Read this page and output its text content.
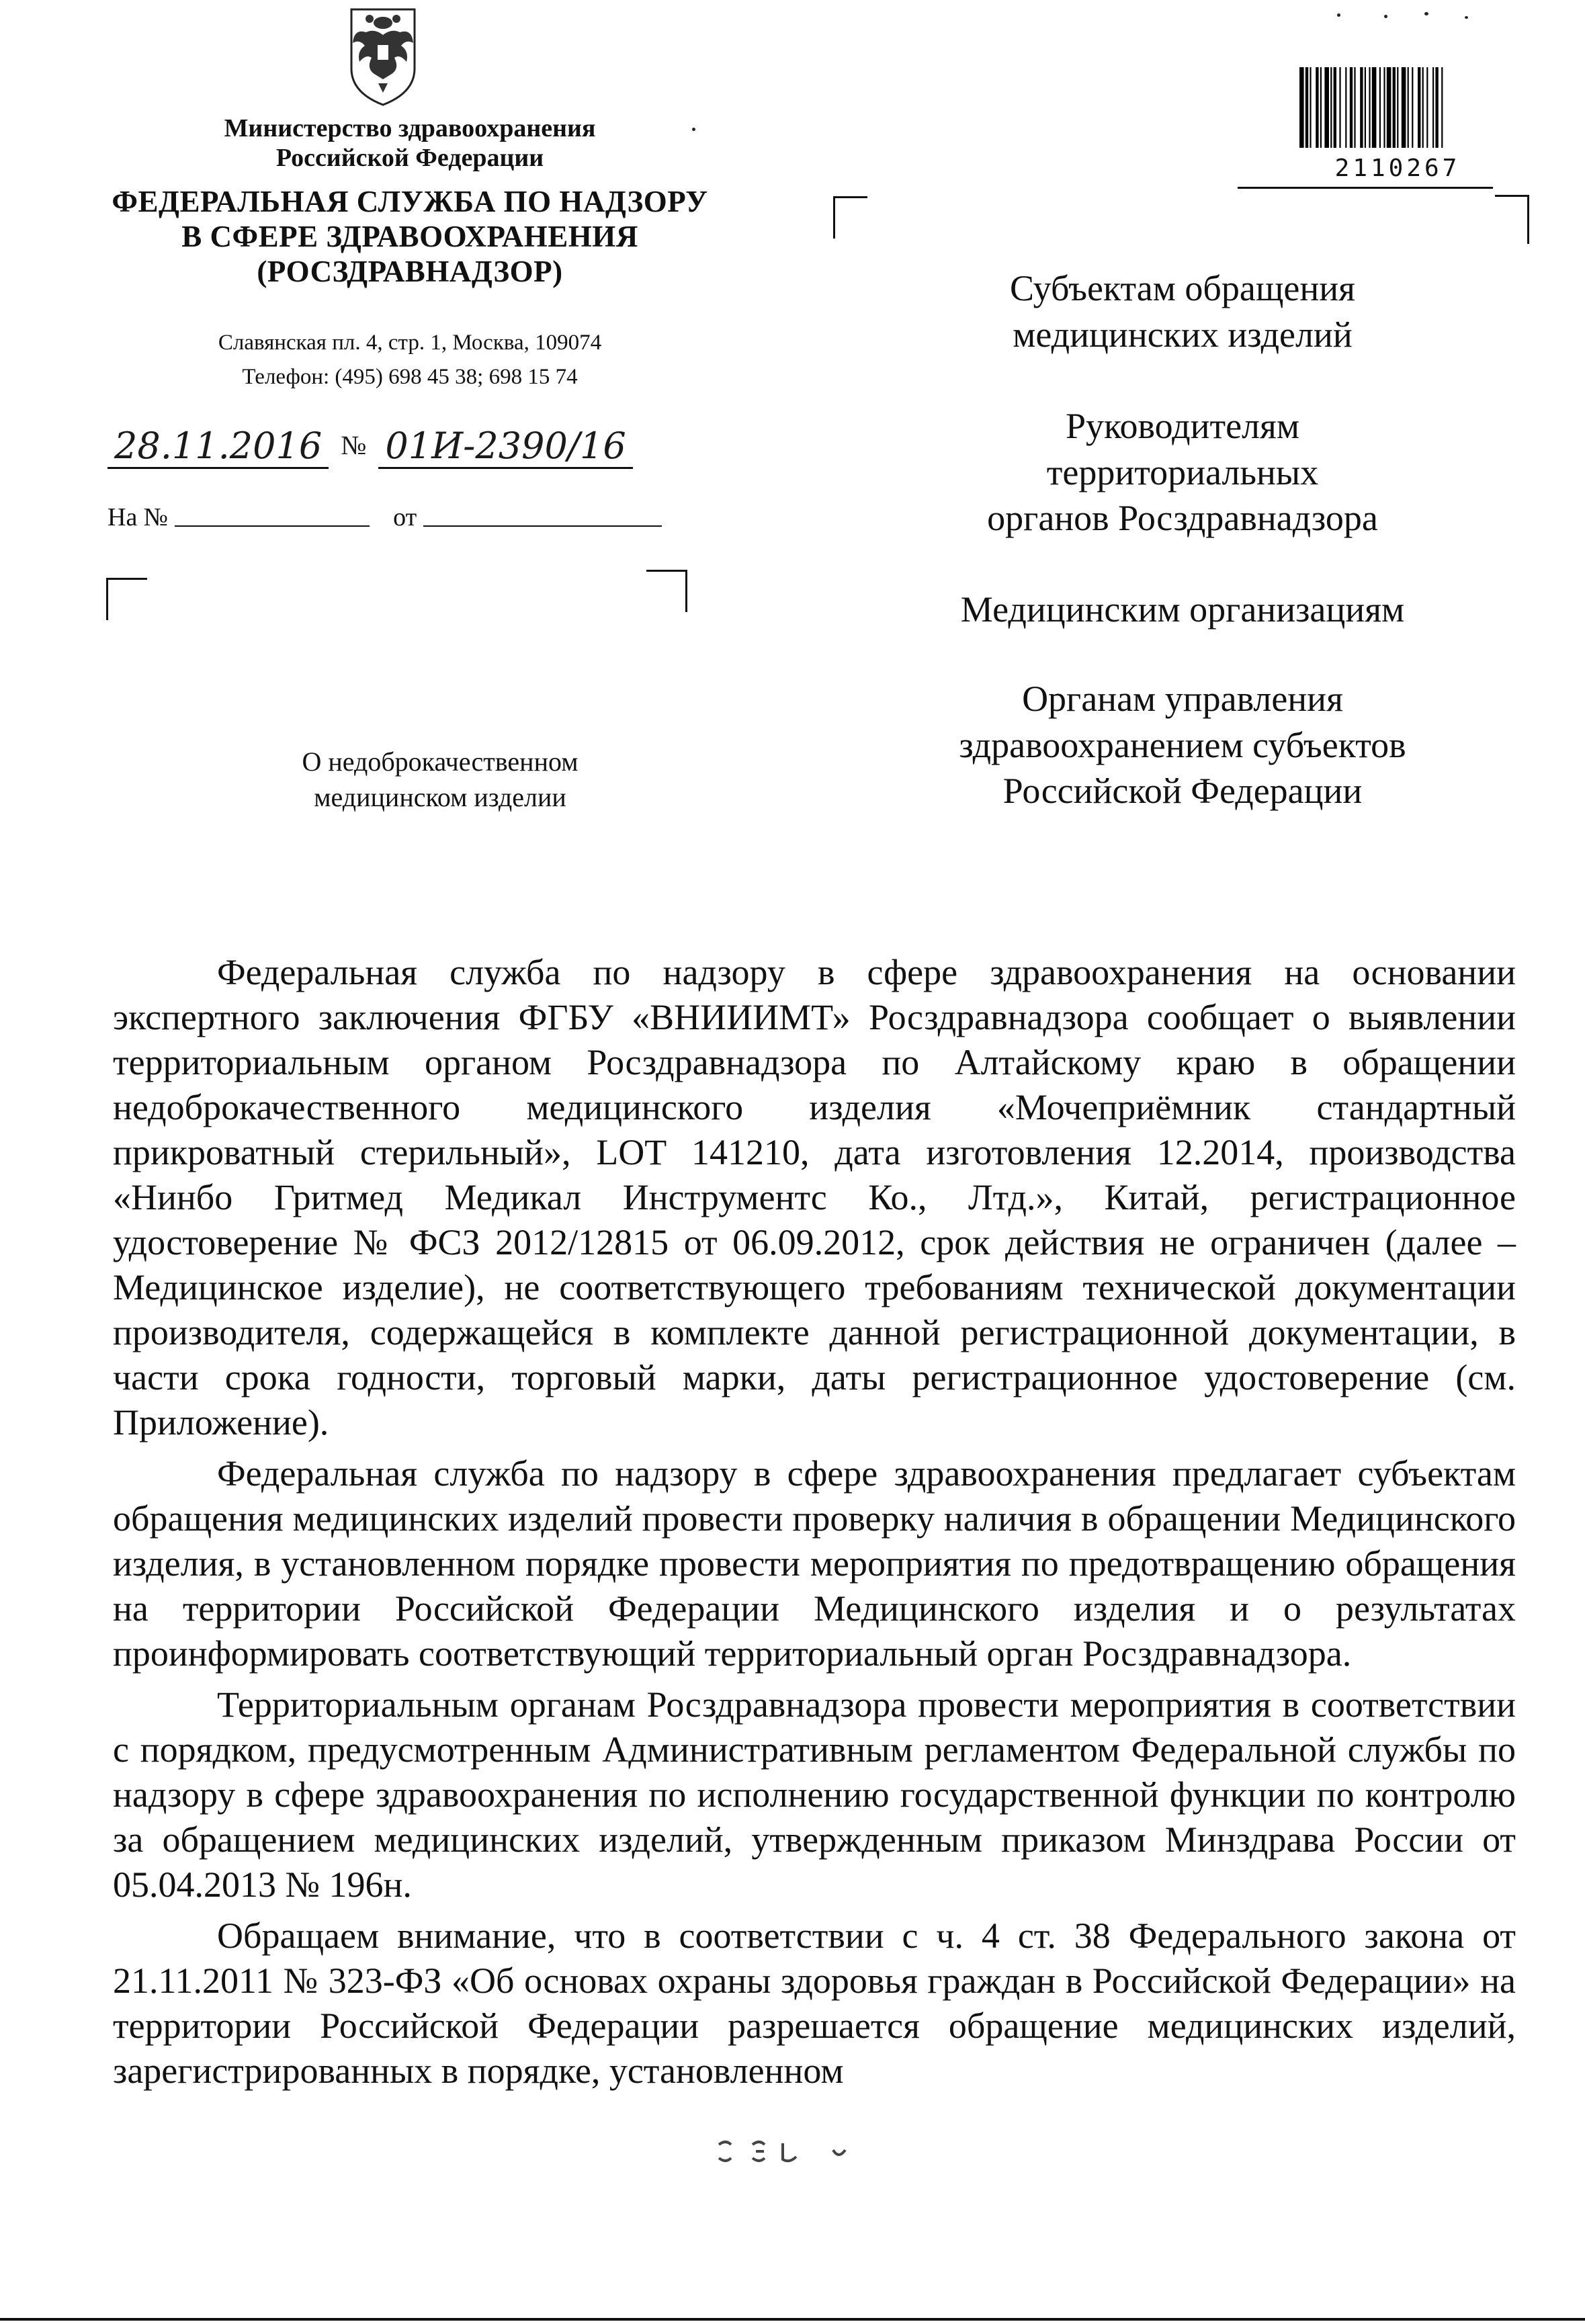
Министерство здравоохранения
Российской Федерации
ФЕДЕРАЛЬНАЯ СЛУЖБА ПО НАДЗОРУ
В СФЕРЕ ЗДРАВООХРАНЕНИЯ
(РОСЗДРАВНАДЗОР)
Славянская пл. 4, стр. 1, Москва, 109074
Телефон: (495) 698 45 38; 698 15 74
28.11.2016 № 01И-2390/16
На №	от
О недоброкачественном
медицинском изделии
2110267
Субъектам обращения
медицинских изделий
Руководителям
территориальных
органов Росздравнадзора
Медицинским организациям
Органам управления
здравоохранением субъектов
Российской Федерации

Федеральная служба по надзору в сфере здравоохранения на основании экспертного заключения ФГБУ «ВНИИИМТ» Росздравнадзора сообщает о выявлении территориальным органом Росздравнадзора по Алтайскому краю в обращении недоброкачественного медицинского изделия «Мочеприёмник стандартный прикроватный стерильный», LOT 141210, дата изготовления 12.2014, производства «Нинбо Гритмед Медикал Инструментс Ко., Лтд.», Китай, регистрационное удостоверение № ФСЗ 2012/12815 от 06.09.2012, срок действия не ограничен (далее – Медицинское изделие), не соответствующего требованиям технической документации производителя, содержащейся в комплекте данной регистрационной документации, в части срока годности, торговый марки, даты регистрационное удостоверение (см. Приложение).

Федеральная служба по надзору в сфере здравоохранения предлагает субъектам обращения медицинских изделий провести проверку наличия в обращении Медицинского изделия, в установленном порядке провести мероприятия по предотвращению обращения на территории Российской Федерации Медицинского изделия и о результатах проинформировать соответствующий территориальный орган Росздравнадзора.

Территориальным органам Росздравнадзора провести мероприятия в соответствии с порядком, предусмотренным Административным регламентом Федеральной службы по надзору в сфере здравоохранения по исполнению государственной функции по контролю за обращением медицинских изделий, утвержденным приказом Минздрава России от 05.04.2013 № 196н.

Обращаем внимание, что в соответствии с ч. 4 ст. 38 Федерального закона от 21.11.2011 № 323-ФЗ «Об основах охраны здоровья граждан в Российской Федерации» на территории Российской Федерации разрешается обращение медицинских изделий, зарегистрированных в порядке, установленном
